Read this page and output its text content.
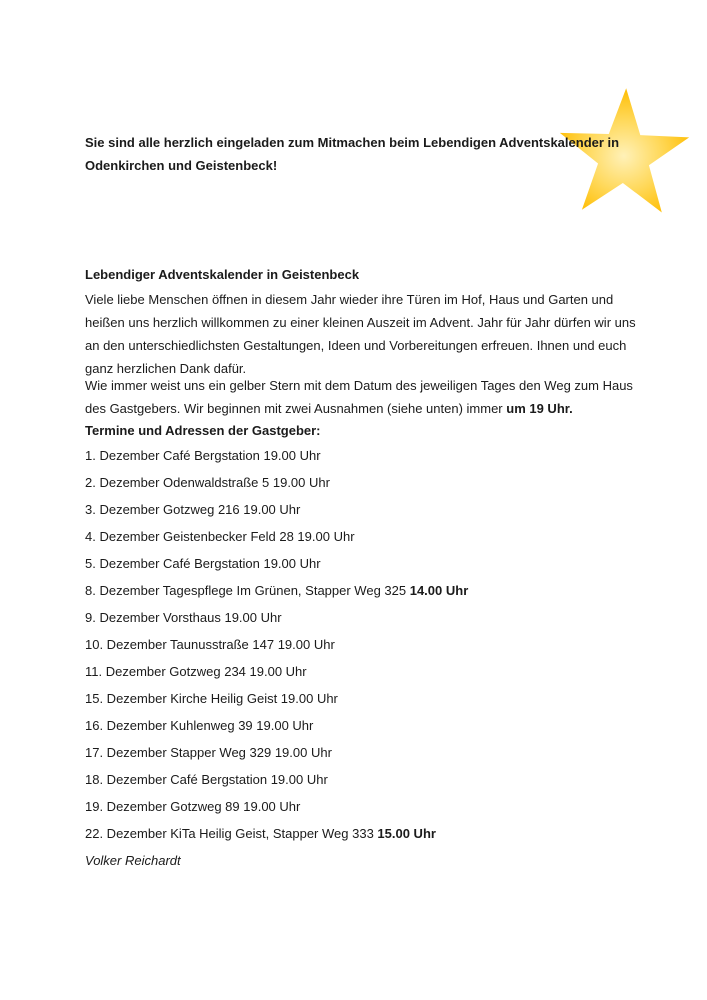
Sie sind alle herzlich eingeladen zum Mitmachen beim Lebendigen Adventskalender in Odenkirchen und Geistenbeck!

Lebendiger Adventskalender in Geistenbeck

Viele liebe Menschen öffnen in diesem Jahr wieder ihre Türen im Hof, Haus und Garten und heißen uns herzlich willkommen zu einer kleinen Auszeit im Advent. Jahr für Jahr dürfen wir uns an den unterschiedlichsten Gestaltungen, Ideen und Vorbereitungen erfreuen. Ihnen und euch ganz herzlichen Dank dafür.

Wie immer weist uns ein gelber Stern mit dem Datum des jeweiligen Tages den Weg zum Haus des Gastgebers. Wir beginnen mit zwei Ausnahmen (siehe unten) immer um 19 Uhr.

Termine und Adressen der Gastgeber:

1. Dezember Café Bergstation 19.00 Uhr

2. Dezember Odenwaldstraße 5 19.00 Uhr

3. Dezember Gotzweg 216 19.00 Uhr

4. Dezember Geistenbecker Feld 28 19.00 Uhr

5. Dezember Café Bergstation 19.00 Uhr

8. Dezember Tagespflege Im Grünen, Stapper Weg 325 14.00 Uhr

9. Dezember Vorsthaus 19.00 Uhr

10. Dezember Taunusstraße 147 19.00 Uhr

11. Dezember Gotzweg 234 19.00 Uhr

15. Dezember Kirche Heilig Geist 19.00 Uhr

16. Dezember Kuhlenweg 39 19.00 Uhr

17. Dezember Stapper Weg 329 19.00 Uhr

18. Dezember Café Bergstation 19.00 Uhr

19. Dezember Gotzweg 89 19.00 Uhr

22. Dezember KiTa Heilig Geist, Stapper Weg 333 15.00 Uhr

Volker Reichardt
